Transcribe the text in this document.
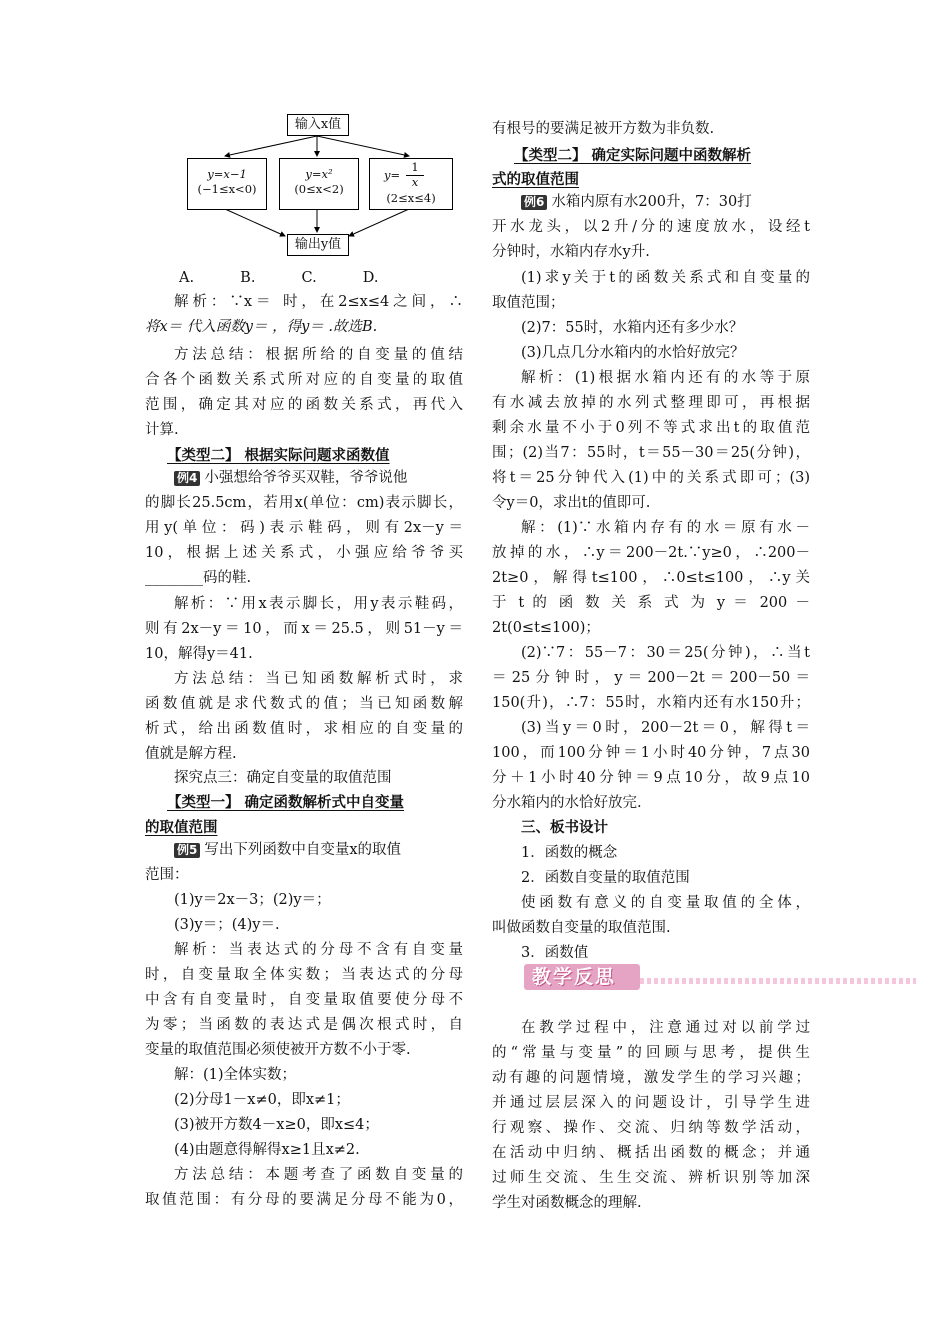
输入x值
y=x−1
(−1≤x<0)
y=x²
(0≤x<2)
y=
1
x
(2≤x≤4)
输出y值
A.          B.          C.          D.
解析：∵x＝ 时，在2≤x≤4之间，∴
将x＝ 代入函数y＝ ，得y＝ .故选B.
方法总结：根据所给的自变量的值结
合各个函数关系式所对应的自变量的取值
范围，确定其对应的函数关系式，再代入
计算.
【类型二】 根据实际问题求函数值
例4 小强想给爷爷买双鞋，爷爷说他
的脚长25.5cm，若用x(单位：cm)表示脚长，
用y(单位：码)表示鞋码，则有2x－y＝
10，根据上述关系式，小强应给爷爷买
________码的鞋.
解析：∵用x表示脚长，用y表示鞋码，
则有2x－y＝10，而x＝25.5，则51－y＝
10，解得y＝41.
方法总结：当已知函数解析式时，求
函数值就是求代数式的值；当已知函数解
析式，给出函数值时，求相应的自变量的
值就是解方程.
探究点三：确定自变量的取值范围
【类型一】 确定函数解析式中自变量
的取值范围
例5 写出下列函数中自变量x的取值
范围：
(1)y＝2x－3；(2)y＝；
(3)y＝；(4)y＝.
解析：当表达式的分母不含有自变量
时，自变量取全体实数；当表达式的分母
中含有自变量时，自变量取值要使分母不
为零；当函数的表达式是偶次根式时，自
变量的取值范围必须使被开方数不小于零.
解：(1)全体实数；
(2)分母1－x≠0，即x≠1；
(3)被开方数4－x≥0，即x≤4；
(4)由题意得解得x≥1且x≠2.
方法总结：本题考查了函数自变量的
取值范围：有分母的要满足分母不能为0，
有根号的要满足被开方数为非负数.
【类型二】 确定实际问题中函数解析
式的取值范围
例6 水箱内原有水200升，7：30打
开水龙头，以2升/分的速度放水，设经t
分钟时，水箱内存水y升.
(1)求y关于t的函数关系式和自变量的
取值范围；
(2)7：55时，水箱内还有多少水？
(3)几点几分水箱内的水恰好放完？
解析：(1)根据水箱内还有的水等于原
有水减去放掉的水列式整理即可，再根据
剩余水量不小于0列不等式求出t的取值范
围；(2)当7：55时，t＝55－30＝25(分钟)，
将t＝25分钟代入(1)中的关系式即可；(3)
令y＝0，求出t的值即可.
解：(1)∵水箱内存有的水＝原有水－
放掉的水，∴y＝200－2t.∵y≥0，∴200－
2t≥0，解得t≤100，∴0≤t≤100，∴y关
于 t 的 函 数 关 系 式 为 y ＝ 200 －
2t(0≤t≤100)；
(2)∵7：55－7：30＝25(分钟)，∴当t
＝25分钟时，y＝200－2t＝200－50＝
150(升)，∴7：55时，水箱内还有水150升；
(3)当y＝0时，200－2t＝0，解得t＝
100，而100分钟＝1小时40分钟，7点30
分＋1小时40分钟＝9点10分，故9点10
分水箱内的水恰好放完.
三、板书设计
1．函数的概念
2．函数自变量的取值范围
使函数有意义的自变量取值的全体，
叫做函数自变量的取值范围.
3．函数值
在教学过程中，注意通过对以前学过
的“常量与变量”的回顾与思考，提供生
动有趣的问题情境，激发学生的学习兴趣；
并通过层层深入的问题设计，引导学生进
行观察、操作、交流、归纳等数学活动，
在活动中归纳、概括出函数的概念；并通
过师生交流、生生交流、辨析识别等加深
学生对函数概念的理解.
教学反思
